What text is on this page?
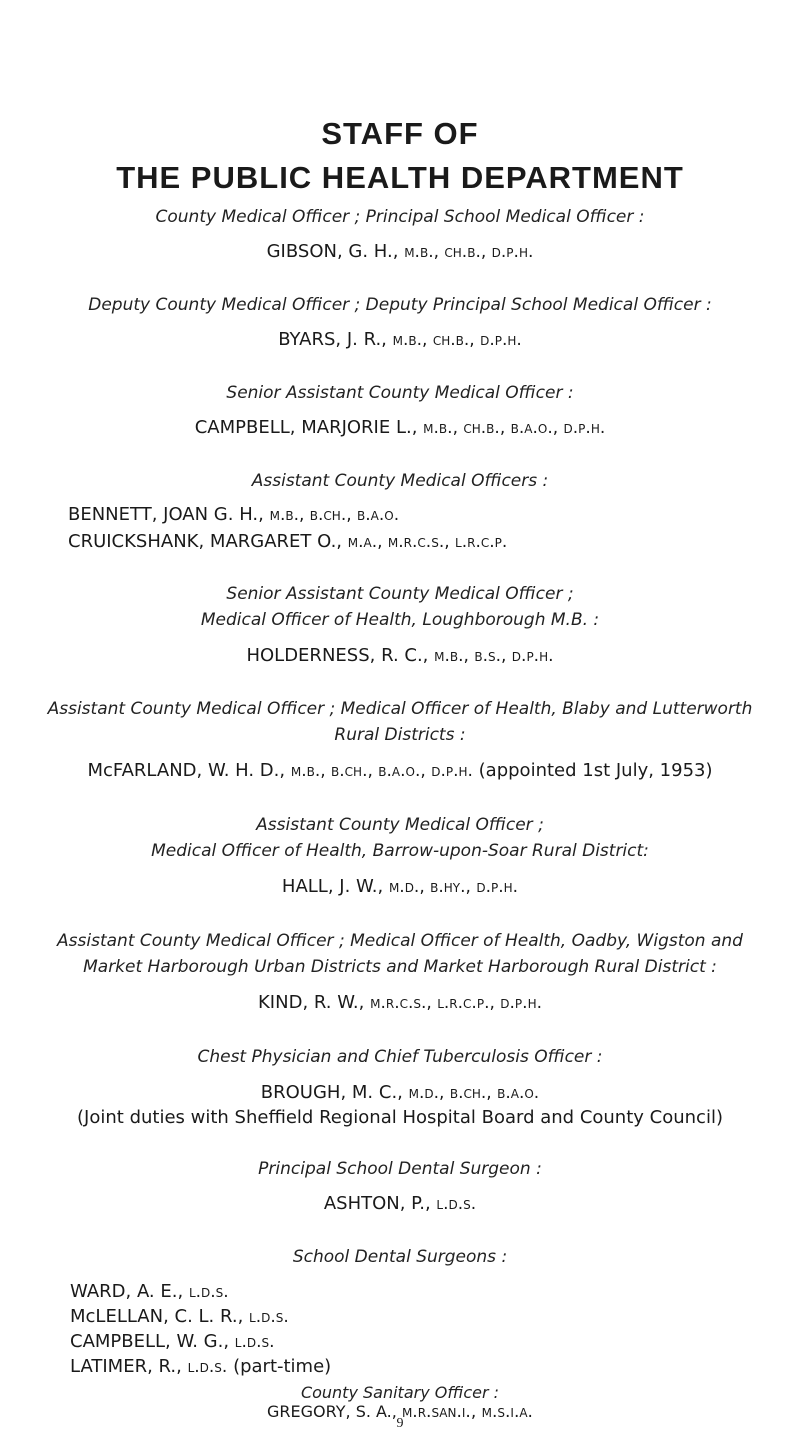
STAFF OF
THE PUBLIC HEALTH DEPARTMENT
County Medical Officer ; Principal School Medical Officer :
GIBSON, G. H., m.b., ch.b., d.p.h.
Deputy County Medical Officer ; Deputy Principal School Medical Officer :
BYARS, J. R., m.b., ch.b., d.p.h.
Senior Assistant County Medical Officer :
CAMPBELL, MARJORIE L., m.b., ch.b., b.a.o., d.p.h.
Assistant County Medical Officers :
BENNETT, JOAN G. H., m.b., b.ch., b.a.o.
CRUICKSHANK, MARGARET O., m.a., m.r.c.s., l.r.c.p.
Senior Assistant County Medical Officer ;
Medical Officer of Health, Loughborough M.B. :
HOLDERNESS, R. C., m.b., b.s., d.p.h.
Assistant County Medical Officer ; Medical Officer of Health, Blaby and Lutterworth
Rural Districts :
McFARLAND, W. H. D., m.b., b.ch., b.a.o., d.p.h. (appointed 1st July, 1953)
Assistant County Medical Officer ;
Medical Officer of Health, Barrow-upon-Soar Rural District:
HALL, J. W., m.d., b.hy., d.p.h.
Assistant County Medical Officer ; Medical Officer of Health, Oadby, Wigston and
Market Harborough Urban Districts and Market Harborough Rural District :
KIND, R. W., m.r.c.s., l.r.c.p., d.p.h.
Chest Physician and Chief Tuberculosis Officer :
BROUGH, M. C., m.d., b.ch., b.a.o.
(Joint duties with Sheffield Regional Hospital Board and County Council)
Principal School Dental Surgeon :
ASHTON, P., l.d.s.
School Dental Surgeons :
WARD, A. E., l.d.s.
McLELLAN, C. L. R., l.d.s.
CAMPBELL, W. G., l.d.s.
LATIMER, R., l.d.s. (part-time)
County Sanitary Officer :
GREGORY, S. A., m.r.san.i., m.s.i.a.
9
